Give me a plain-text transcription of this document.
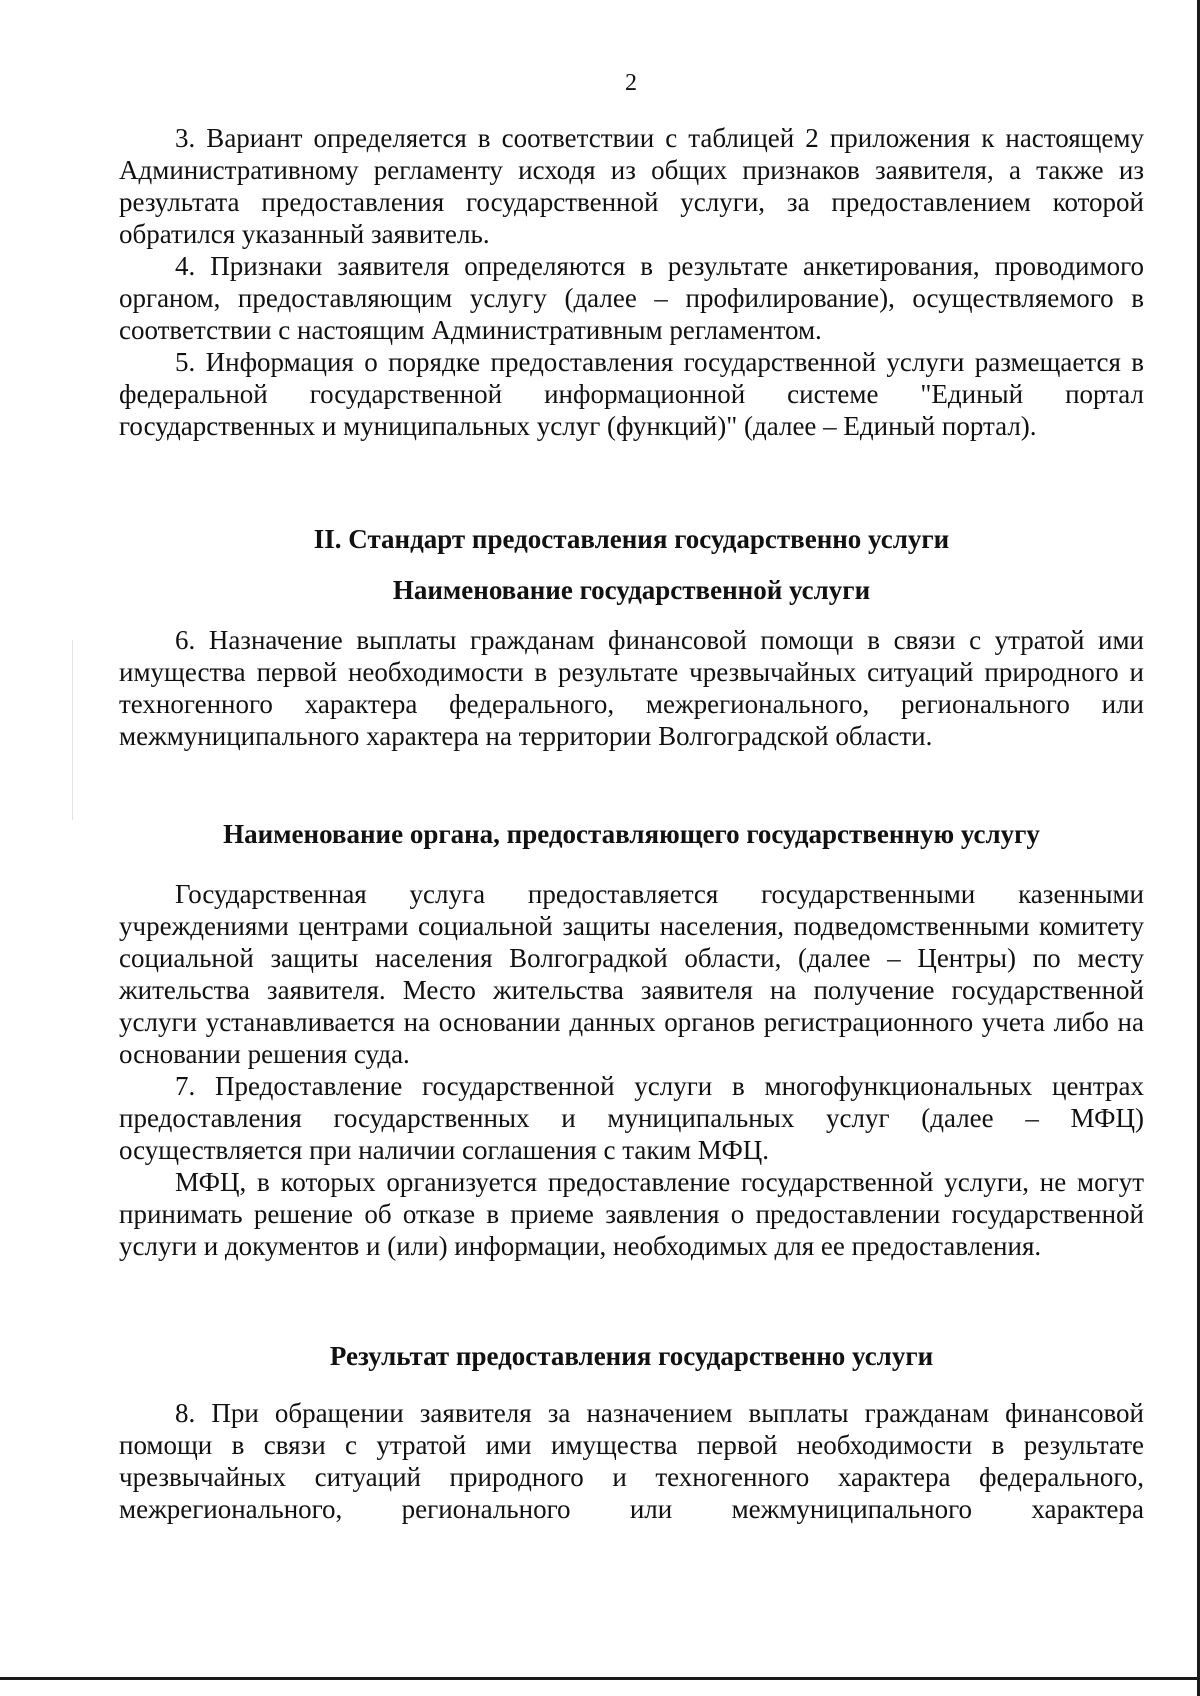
2

3. Вариант определяется в соответствии с таблицей 2 приложения к настоящему Административному регламенту исходя из общих признаков заявителя, а также из результата предоставления государственной услуги, за предоставлением которой обратился указанный заявитель.

4. Признаки заявителя определяются в результате анкетирования, проводимого органом, предоставляющим услугу (далее – профилирование), осуществляемого в соответствии с настоящим Административным регламентом.

5. Информация о порядке предоставления государственной услуги размещается в федеральной государственной информационной системе "Единый портал государственных и муниципальных услуг (функций)" (далее – Единый портал).

II. Стандарт предоставления государственно услуги
Наименование государственной услуги

6. Назначение выплаты гражданам финансовой помощи в связи с утратой ими имущества первой необходимости в результате чрезвычайных ситуаций природного и техногенного характера федерального, межрегионального, регионального или межмуниципального характера на территории Волгоградской области.

Наименование органа, предоставляющего государственную услугу

Государственная услуга предоставляется государственными казенными учреждениями центрами социальной защиты населения, подведомственными комитету социальной защиты населения Волгоградкой области, (далее – Центры) по месту жительства заявителя. Место жительства заявителя на получение государственной услуги устанавливается на основании данных органов регистрационного учета либо на основании решения суда.

7. Предоставление государственной услуги в многофункциональных центрах предоставления государственных и муниципальных услуг (далее – МФЦ) осуществляется при наличии соглашения с таким МФЦ.

МФЦ, в которых организуется предоставление государственной услуги, не могут принимать решение об отказе в приеме заявления о предоставлении государственной услуги и документов и (или) информации, необходимых для ее предоставления.

Результат предоставления государственно услуги

8. При обращении заявителя за назначением выплаты гражданам финансовой помощи в связи с утратой ими имущества первой необходимости в результате чрезвычайных ситуаций природного и техногенного характера федерального, межрегионального, регионального или межмуниципального характера
